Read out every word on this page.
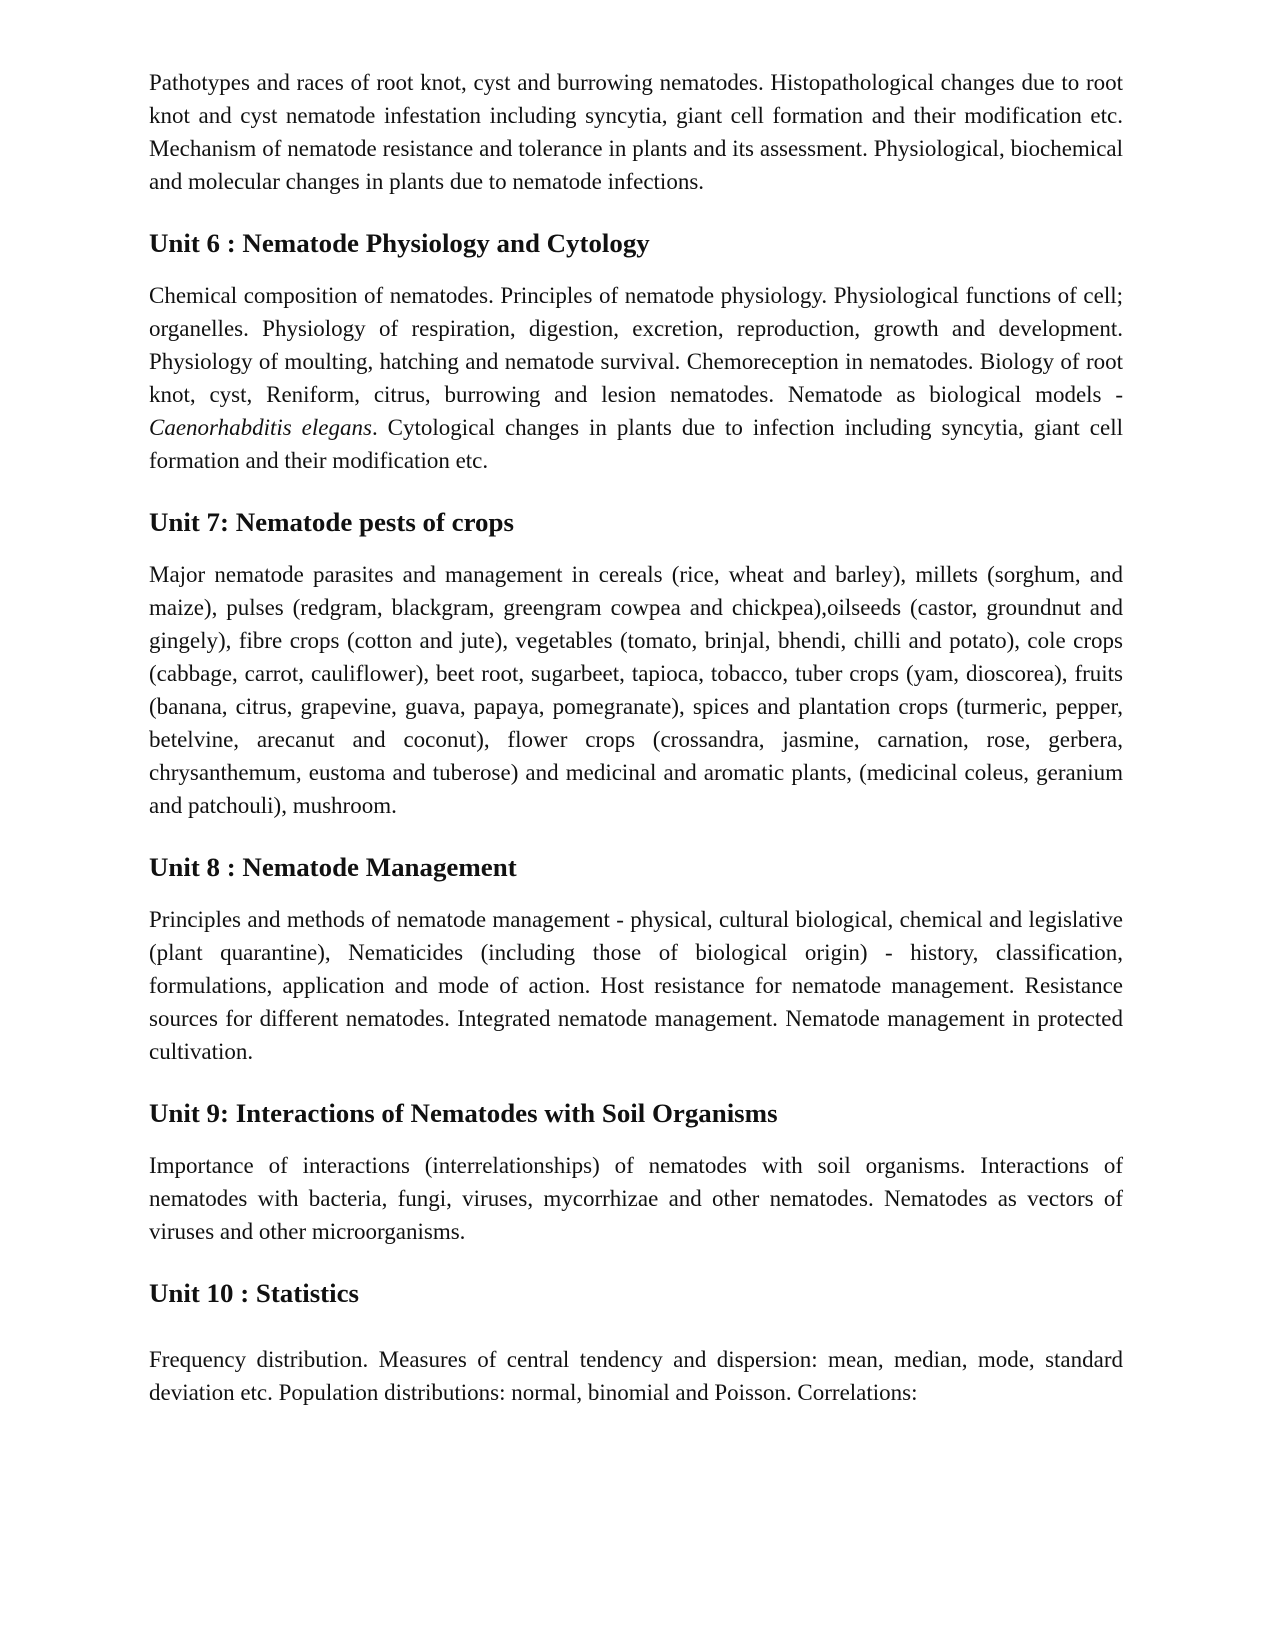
Pathotypes and races of root knot, cyst and burrowing nematodes. Histopathological changes due to root knot and cyst nematode infestation including syncytia, giant cell formation and their modification etc. Mechanism of nematode resistance and tolerance in plants and its assessment. Physiological, biochemical and molecular changes in plants due to nematode infections.

Unit 6 : Nematode Physiology and Cytology

Chemical composition of nematodes. Principles of nematode physiology. Physiological functions of cell; organelles. Physiology of respiration, digestion, excretion, reproduction, growth and development. Physiology of moulting, hatching and nematode survival. Chemoreception in nematodes. Biology of root knot, cyst, Reniform, citrus, burrowing and lesion nematodes. Nematode as biological models - Caenorhabditis elegans. Cytological changes in plants due to infection including syncytia, giant cell formation and their modification etc.

Unit 7: Nematode pests of crops

Major nematode parasites and management in cereals (rice, wheat and barley), millets (sorghum, and maize), pulses (redgram, blackgram, greengram cowpea and chickpea),oilseeds (castor, groundnut and gingely), fibre crops (cotton and jute), vegetables (tomato, brinjal, bhendi, chilli and potato), cole crops (cabbage, carrot, cauliflower), beet root, sugarbeet, tapioca, tobacco, tuber crops (yam, dioscorea), fruits (banana, citrus, grapevine, guava, papaya, pomegranate), spices and plantation crops (turmeric, pepper, betelvine, arecanut and coconut), flower crops (crossandra, jasmine, carnation, rose, gerbera, chrysanthemum, eustoma and tuberose) and medicinal and aromatic plants, (medicinal coleus, geranium and patchouli), mushroom.

Unit 8 : Nematode Management

Principles and methods of nematode management - physical, cultural biological, chemical and legislative (plant quarantine), Nematicides (including those of biological origin) - history, classification, formulations, application and mode of action. Host resistance for nematode management. Resistance sources for different nematodes. Integrated nematode management. Nematode management in protected cultivation.

Unit 9: Interactions of Nematodes with Soil Organisms

Importance of interactions (interrelationships) of nematodes with soil organisms. Interactions of nematodes with bacteria, fungi, viruses, mycorrhizae and other nematodes. Nematodes as vectors of viruses and other microorganisms.

Unit 10 : Statistics

Frequency distribution. Measures of central tendency and dispersion: mean, median, mode, standard deviation etc. Population distributions: normal, binomial and Poisson. Correlations:
